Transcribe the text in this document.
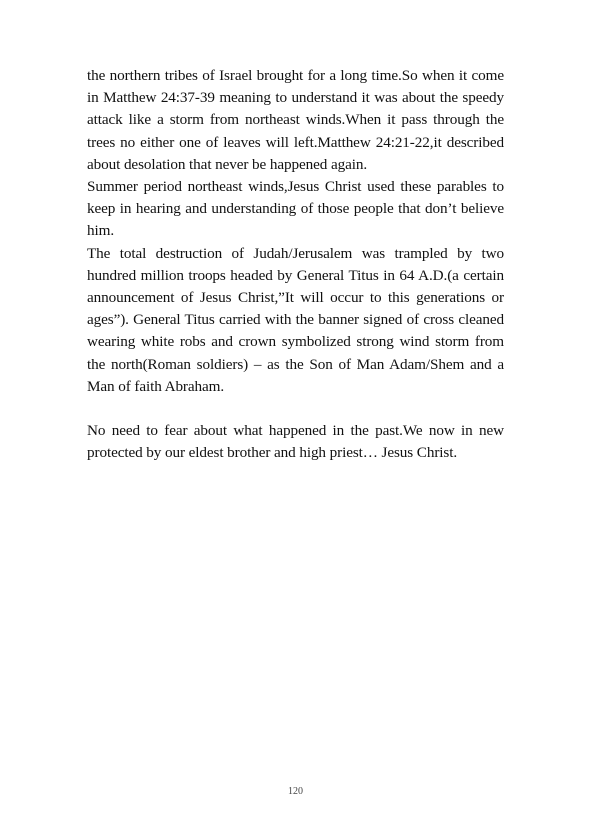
the northern tribes of Israel brought for a long time.So when it come in Matthew 24:37-39 meaning to understand it was about the speedy attack like a storm from northeast winds.When it pass through the trees no either one of leaves will left.Matthew 24:21-22,it described about desolation that never be happened again.

Summer period northeast winds,Jesus Christ used these parables to keep in hearing and understanding of those people that don’t believe him.

The total destruction of Judah/Jerusalem was trampled by two hundred million troops headed by General Titus in 64 A.D.(a certain announcement of Jesus Christ,”It will occur to this generations or ages”). General Titus carried with the banner signed of cross cleaned wearing white robs and crown symbolized strong wind storm from the north(Roman soldiers) – as the Son of Man Adam/Shem and a Man of faith Abraham.

No need to fear about what happened in the past.We now in new protected by our eldest brother and high priest… Jesus Christ.

120
